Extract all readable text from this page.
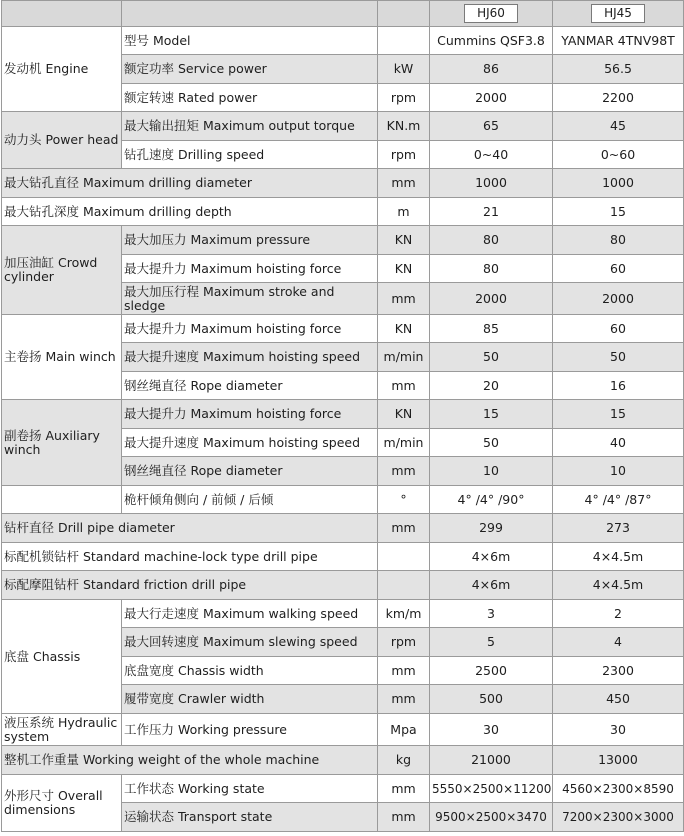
			HJ60	HJ45
发动机 Engine	型号 Model		Cummins QSF3.8	YANMAR 4TNV98T
	额定功率 Service power	kW	86	56.5
	额定转速 Rated power	rpm	2000	2200
动力头 Power head	最大输出扭矩 Maximum output torque	KN.m	65	45
	钻孔速度 Drilling speed	rpm	0~40	0~60
最大钻孔直径 Maximum drilling diameter		mm	1000	1000
最大钻孔深度 Maximum drilling depth		m	21	15
加压油缸 Crowd cylinder	最大加压力 Maximum pressure	KN	80	80
	最大提升力 Maximum hoisting force	KN	80	60
	最大加压行程 Maximum stroke and sledge	mm	2000	2000
主卷扬 Main winch	最大提升力 Maximum hoisting force	KN	85	60
	最大提升速度 Maximum hoisting speed	m/min	50	50
	钢丝绳直径 Rope diameter	mm	20	16
副卷扬 Auxiliary winch	最大提升力 Maximum hoisting force	KN	15	15
	最大提升速度 Maximum hoisting speed	m/min	50	40
	钢丝绳直径 Rope diameter	mm	10	10
	桅杆倾角侧向 / 前倾 / 后倾	°	4° /4° /90°	4° /4° /87°
钻杆直径 Drill pipe diameter		mm	299	273
标配机锁钻杆 Standard machine-lock type drill pipe			4×6m	4×4.5m
标配摩阻钻杆 Standard friction drill pipe			4×6m	4×4.5m
底盘 Chassis	最大行走速度 Maximum walking speed	km/m	3	2
	最大回转速度 Maximum slewing speed	rpm	5	4
	底盘宽度 Chassis width	mm	2500	2300
	履带宽度 Crawler width	mm	500	450
液压系统 Hydraulic system	工作压力 Working pressure	Mpa	30	30
整机工作重量 Working weight of the whole machine		kg	21000	13000
外形尺寸 Overall dimensions	工作状态 Working state	mm	5550×2500×11200	4560×2300×8590
	运输状态 Transport state	mm	9500×2500×3470	7200×2300×3000
